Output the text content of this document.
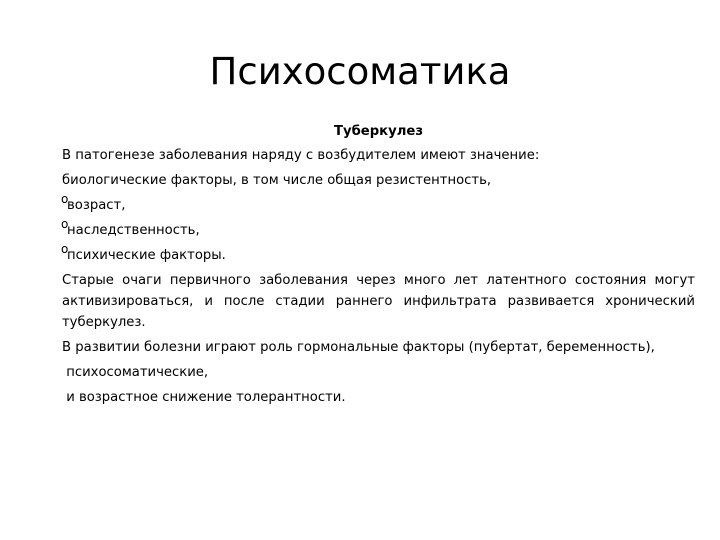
Психосоматика
Туберкулез
В патогенезе заболевания наряду с возбудителем имеют значение:
биологические факторы, в том числе общая резистентность,
o
возраст,
o
наследственность,
o
психические факторы.
Старые очаги первичного заболевания через много лет латентного состояния могут активизироваться, и после стадии раннего инфильтрата развивается хронический туберкулез.
В развитии болезни играют роль гормональные факторы (пубертат, беременность),
психосоматические,
и возрастное снижение толерантности.
